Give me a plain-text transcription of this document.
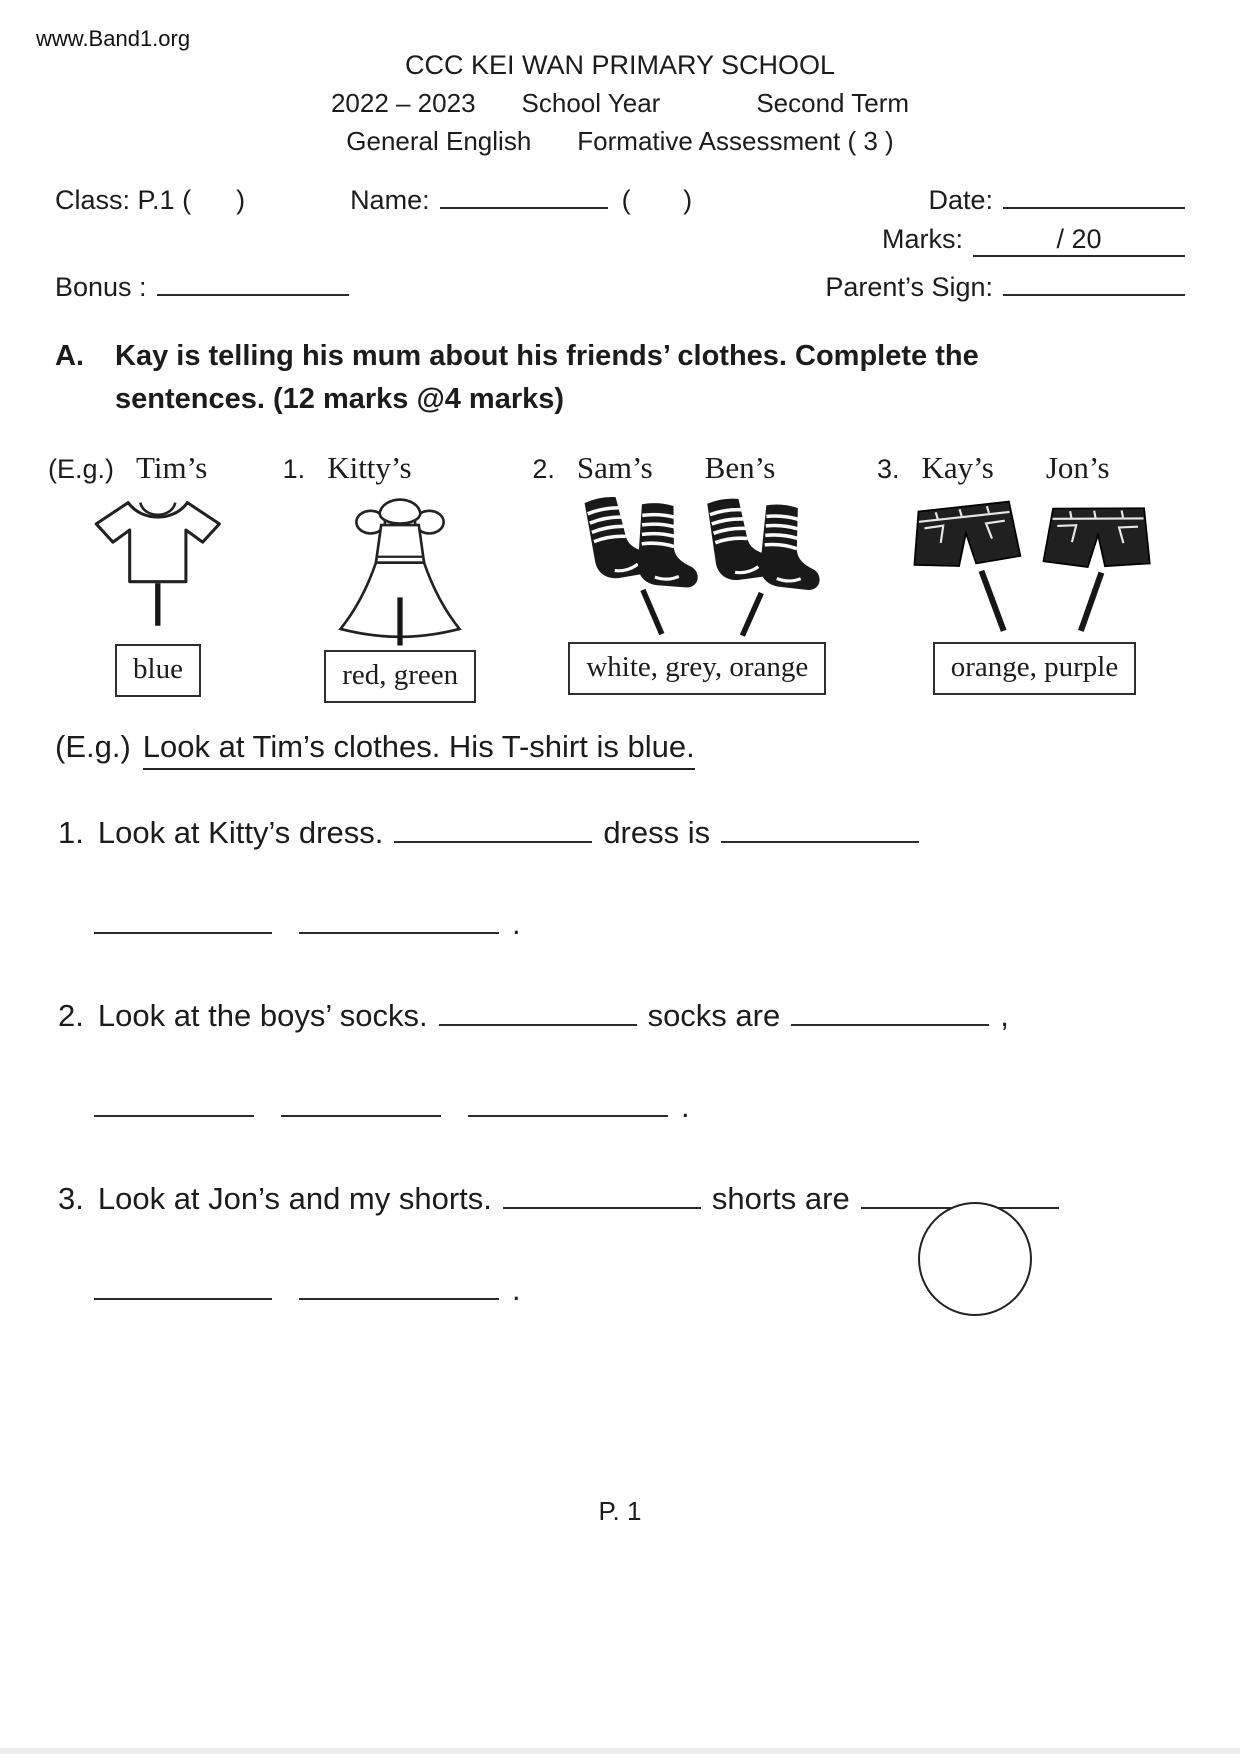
www.Band1.org
CCC KEI WAN PRIMARY SCHOOL
2022 – 2023 School Year	Second Term
General English Formative Assessment ( 3 )
Class: P.1 (      )	Name:	(       )	Date:
Marks:	/ 20
Bonus :	Parent’s Sign:
A.	Kay is telling his mum about his friends’ clothes. Complete the sentences. (12 marks @4 marks)
(E.g.) Tim’s
blue
1. Kitty’s
red, green
2. Sam’s Ben’s
white, grey, orange
3. Kay’s Jon’s
orange, purple
(E.g.) Look at Tim’s clothes. His T-shirt is blue.
1. Look at Kitty’s dress.	dress is
.
2. Look at the boys’ socks.	socks are	,
.
3. Look at Jon’s and my shorts.	shorts are
.
P. 1
